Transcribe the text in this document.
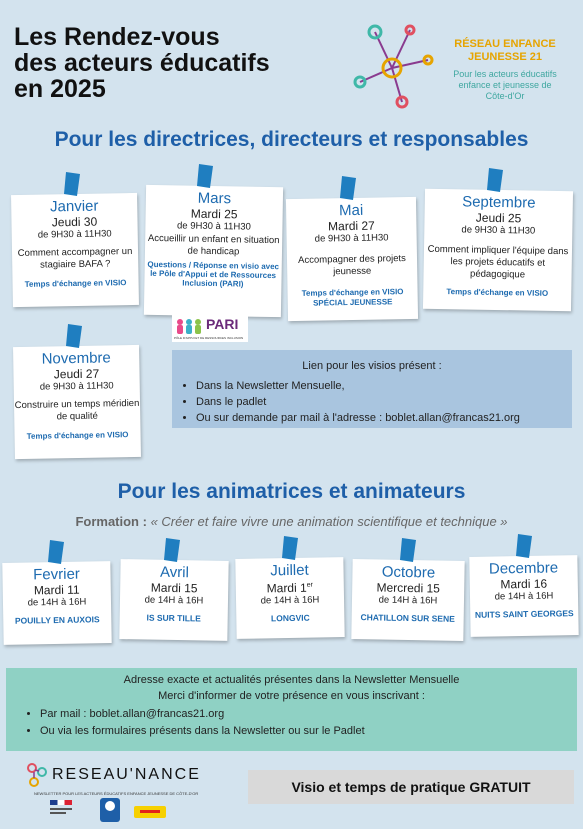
Les Rendez-vous
des acteurs éducatifs
en 2025
RÉSEAU ENFANCE
JEUNESSE 21
Pour les acteurs éducatifs
enfance et jeunesse de
Côte-d'Or
Pour les directrices, directeurs et responsables
Janvier
Jeudi 30
de 9H30 à 11H30
Comment accompagner un stagiaire BAFA ?
Temps d'échange en VISIO
Mars
Mardi 25
de 9H30 à 11H30
Accueillir un enfant en situation de handicap
Questions / Réponse en visio avec le Pôle d'Appui et de Ressources Inclusion (PARI)
Mai
Mardi 27
de 9H30 à 11H30
Accompagner des projets jeunesse
Temps d'échange en VISIO SPÉCIAL JEUNESSE
Septembre
Jeudi 25
de 9H30 à 11H30
Comment impliquer l'équipe dans les projets éducatifs et pédagogique
Temps d'échange en VISIO
Novembre
Jeudi 27
de 9H30 à 11H30
Construire un temps méridien de qualité
Temps d'échange en VISIO
PARI
PÔLE D'APPUI ET DE RESSOURCES INCLUSION
Lien pour les visios présent :
• Dans la Newsletter Mensuelle,
• Dans le padlet
• Ou sur demande par mail à l'adresse : boblet.allan@francas21.org
Pour les animatrices et animateurs
Formation : « Créer et faire vivre une animation scientifique et technique »
Fevrier
Mardi 11
de 14H à 16H
POUILLY EN AUXOIS
Avril
Mardi 15
de 14H à 16H
IS SUR TILLE
Juillet
Mardi 1er
de 14H à 16H
LONGVIC
Octobre
Mercredi 15
de 14H à 16H
CHATILLON SUR SENE
Decembre
Mardi 16
de 14H à 16H
NUITS SAINT GEORGES
Adresse exacte et actualités présentes dans la Newsletter Mensuelle
Merci d'informer de votre présence en vous inscrivant :
• Par mail : boblet.allan@francas21.org
• Ou via les formulaires présents dans la Newsletter ou sur le Padlet
RESEAU'NANCE
NEWSLETTER POUR LES ACTEURS ÉDUCATIFS ENFANCE JEUNESSE DE CÔTE-D'OR	Visio et temps de pratique GRATUIT
